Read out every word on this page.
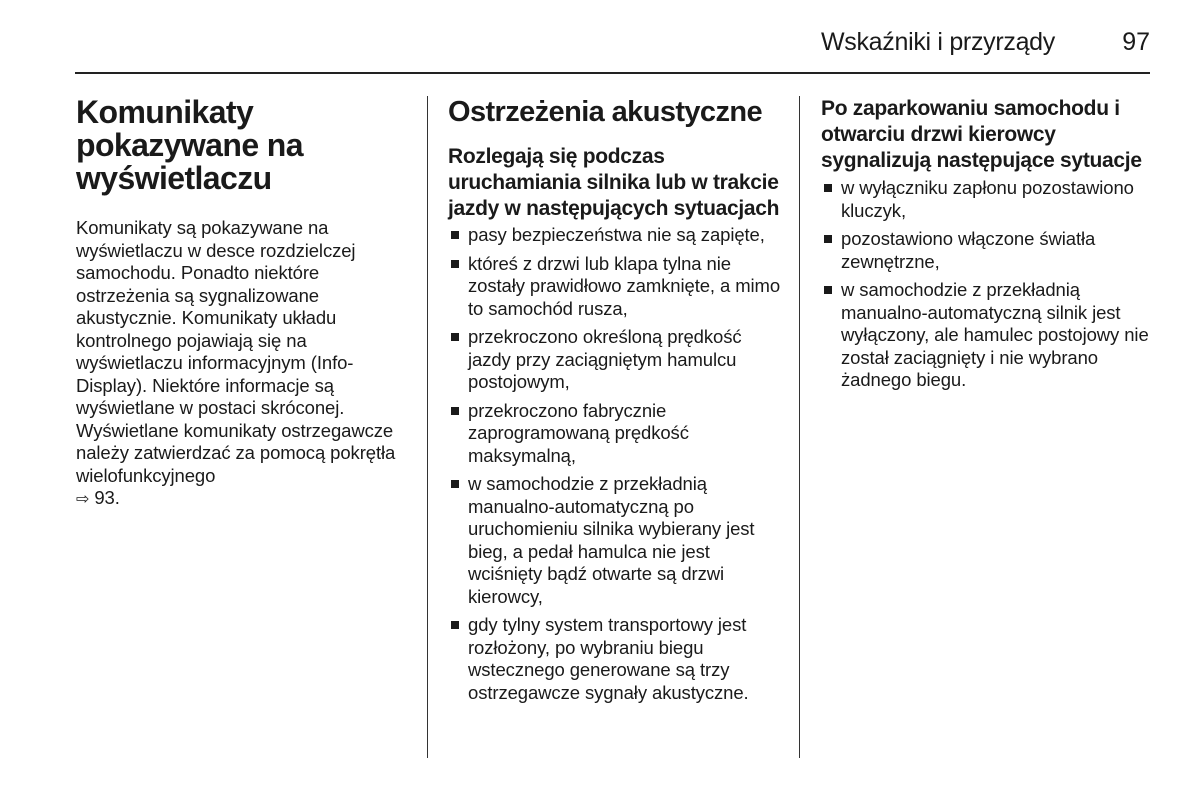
Wskaźniki i przyrządy	97
Komunikaty pokazywane na wyświetlaczu

Komunikaty są pokazywane na wyświetlaczu w desce rozdzielczej samochodu. Ponadto niektóre ostrzeżenia są sygnalizowane akustycznie. Komunikaty układu kontrolnego pojawiają się na wyświetlaczu informacyjnym (Info-Display). Niektóre informacje są wyświetlane w postaci skróconej. Wyświetlane komunikaty ostrzegawcze należy zatwierdzać za pomocą pokrętła wielofunkcyjnego
⇨ 93.

Ostrzeżenia akustyczne
Rozlegają się podczas uruchamiania silnika lub w trakcie jazdy w następujących sytuacjach
pasy bezpieczeństwa nie są zapięte,
któreś z drzwi lub klapa tylna nie zostały prawidłowo zamknięte, a mimo to samochód rusza,
przekroczono określoną prędkość jazdy przy zaciągniętym hamulcu postojowym,
przekroczono fabrycznie zaprogramowaną prędkość maksymalną,
w samochodzie z przekładnią manualno-automatyczną po uruchomieniu silnika wybierany jest bieg, a pedał hamulca nie jest wciśnięty bądź otwarte są drzwi kierowcy,
gdy tylny system transportowy jest rozłożony, po wybraniu biegu wstecznego generowane są trzy ostrzegawcze sygnały akustyczne.
Po zaparkowaniu samochodu i otwarciu drzwi kierowcy sygnalizują następujące sytuacje
w wyłączniku zapłonu pozostawiono kluczyk,
pozostawiono włączone światła zewnętrzne,
w samochodzie z przekładnią manualno-automatyczną silnik jest wyłączony, ale hamulec postojowy nie został zaciągnięty i nie wybrano żadnego biegu.
